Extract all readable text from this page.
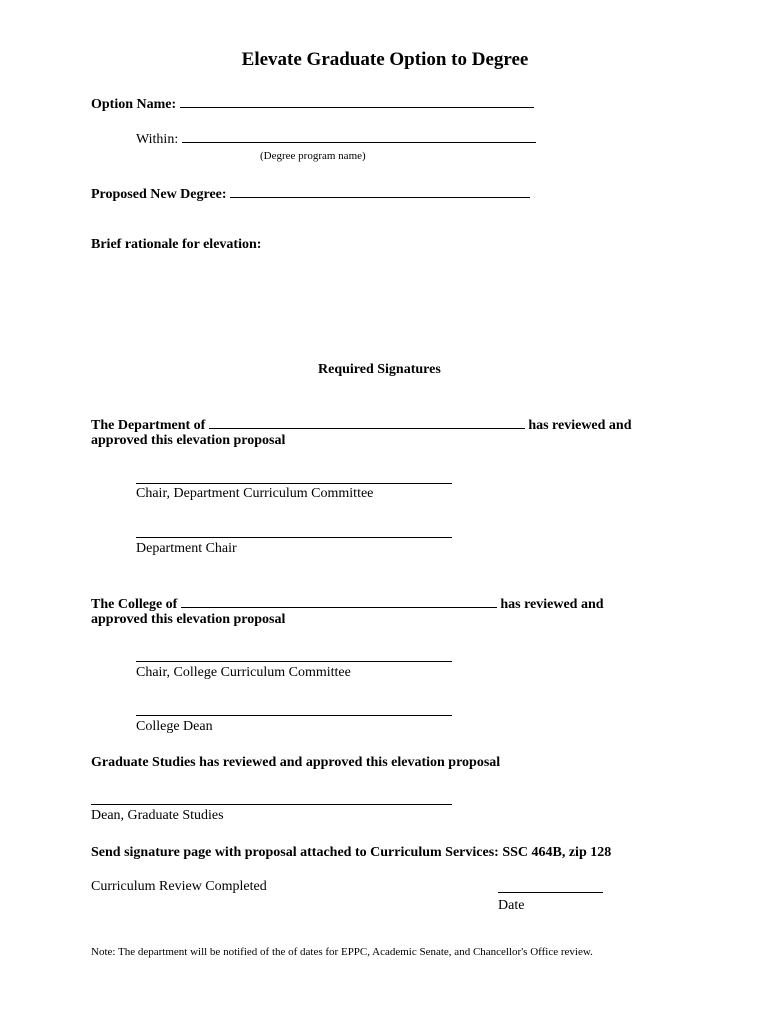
Elevate Graduate Option to Degree
Option Name:
Within:
(Degree program name)
Proposed New Degree:
Brief rationale for elevation:
Required Signatures
The Department of	has reviewed and
approved this elevation proposal
Chair, Department Curriculum Committee
Department Chair
The College of	has reviewed and
approved this elevation proposal
Chair, College Curriculum Committee
College Dean
Graduate Studies has reviewed and approved this elevation proposal
Dean, Graduate Studies
Send signature page with proposal attached to Curriculum Services: SSC 464B, zip 128
Curriculum Review Completed
Date
Note: The department will be notified of the of dates for EPPC, Academic Senate, and Chancellor's Office review.
